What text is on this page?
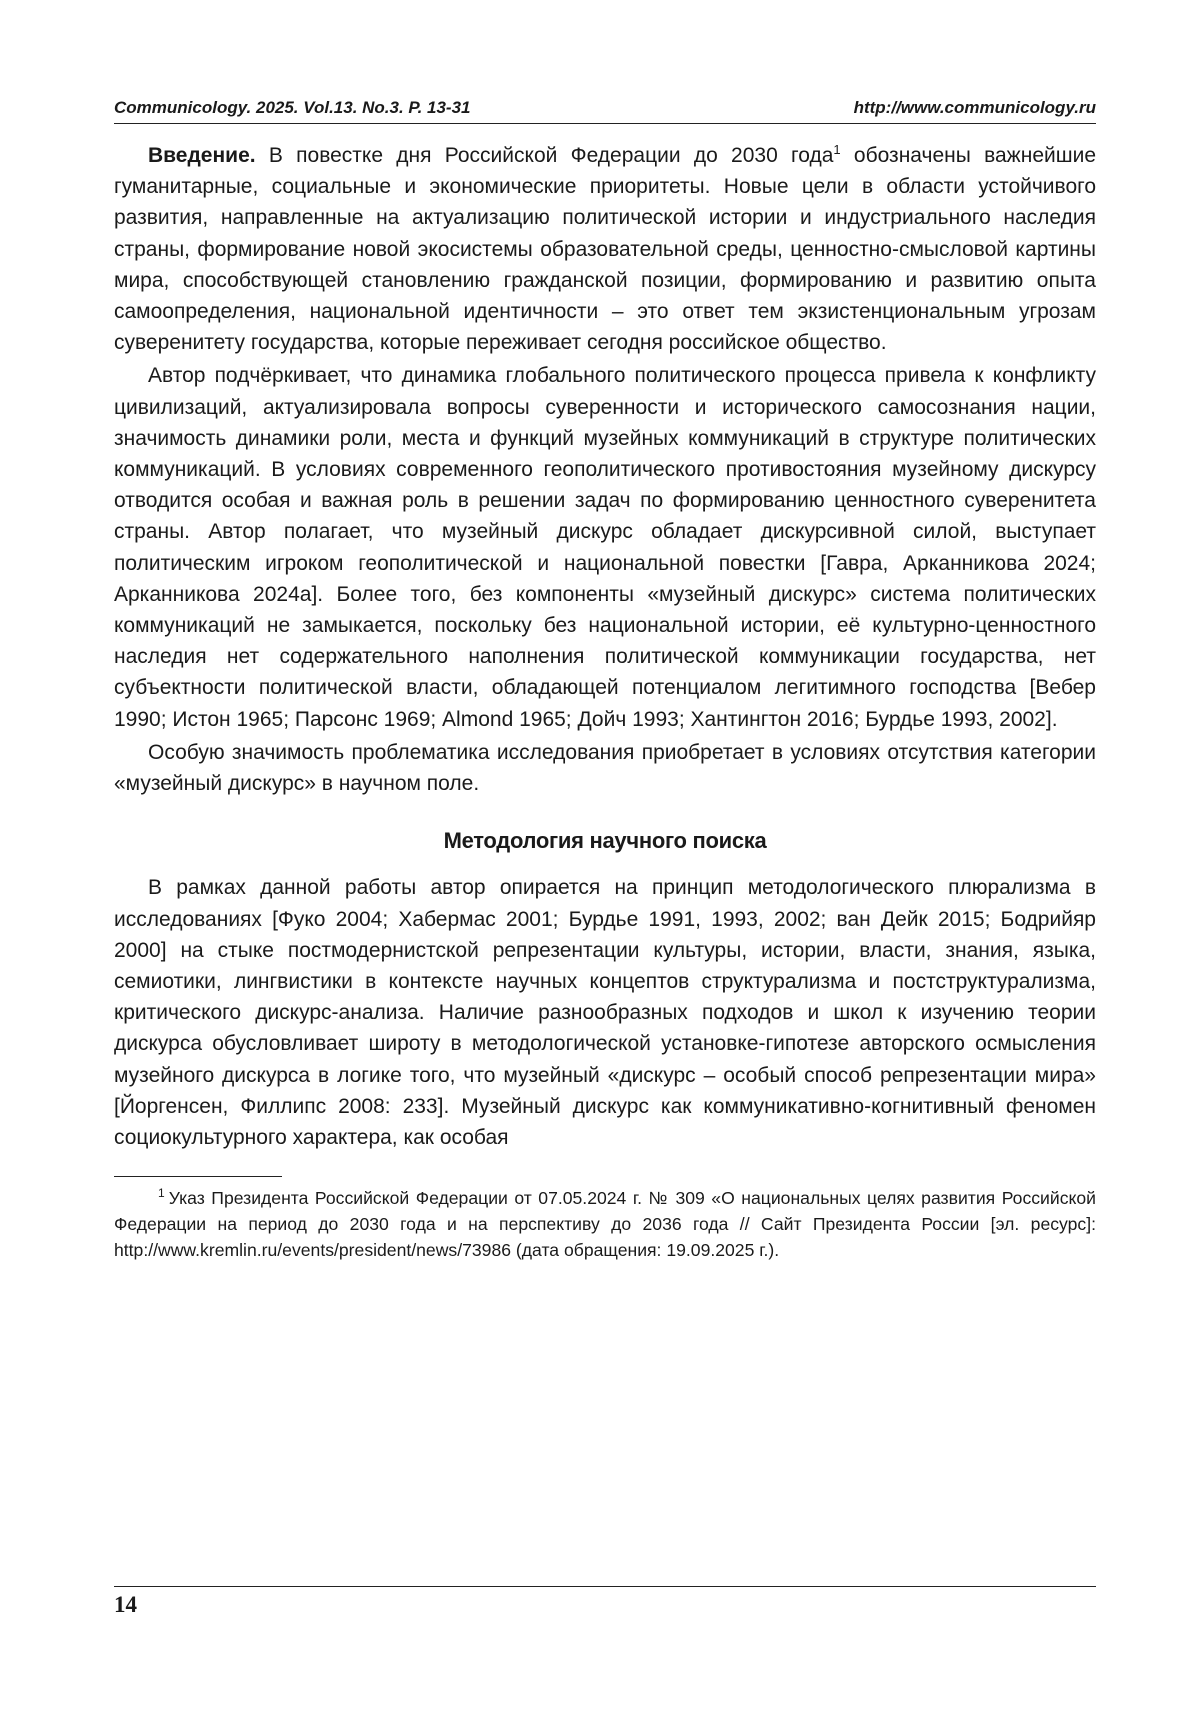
Communicology. 2025. Vol.13. No.3. P. 13-31	http://www.communicology.ru

Введение. В повестке дня Российской Федерации до 2030 года$^1$ обозначены важнейшие гуманитарные, социальные и экономические приоритеты. Новые цели в области устойчивого развития, направленные на актуализацию политической истории и индустриального наследия страны, формирование новой экосистемы образовательной среды, ценностно-смысловой картины мира, способствующей становлению гражданской позиции, формированию и развитию опыта самоопределения, национальной идентичности – это ответ тем экзистенциональным угрозам суверенитету государства, которые переживает сегодня российское общество.

Автор подчёркивает, что динамика глобального политического процесса привела к конфликту цивилизаций, актуализировала вопросы суверенности и исторического самосознания нации, значимость динамики роли, места и функций музейных коммуникаций в структуре политических коммуникаций. В условиях современного геополитического противостояния музейному дискурсу отводится особая и важная роль в решении задач по формированию ценностного суверенитета страны. Автор полагает, что музейный дискурс обладает дискурсивной силой, выступает политическим игроком геополитической и национальной повестки [Гавра, Арканникова 2024; Арканникова 2024а]. Более того, без компоненты «музейный дискурс» система политических коммуникаций не замыкается, поскольку без национальной истории, её культурно-ценностного наследия нет содержательного наполнения политической коммуникации государства, нет субъектности политической власти, обладающей потенциалом легитимного господства [Вебер 1990; Истон 1965; Парсонс 1969; Almond 1965; Дойч 1993; Хантингтон 2016; Бурдье 1993, 2002].

Особую значимость проблематика исследования приобретает в условиях отсутствия категории «музейный дискурс» в научном поле.

Методология научного поиска

В рамках данной работы автор опирается на принцип методологического плюрализма в исследованиях [Фуко 2004; Хабермас 2001; Бурдье 1991, 1993, 2002; ван Дейк 2015; Бодрийяр 2000] на стыке постмодернистской репрезентации культуры, истории, власти, знания, языка, семиотики, лингвистики в контексте научных концептов структурализма и постструктурализма, критического дискурс-анализа. Наличие разнообразных подходов и школ к изучению теории дискурса обусловливает широту в методологической установке-гипотезе авторского осмысления музейного дискурса в логике того, что музейный «дискурс – особый способ репрезентации мира» [Йоргенсен, Филлипс 2008: 233]. Музейный дискурс как коммуникативно-когнитивный феномен социокультурного характера, как особая

$^1$ Указ Президента Российской Федерации от 07.05.2024 г. № 309 «О национальных целях развития Российской Федерации на период до 2030 года и на перспективу до 2036 года // Сайт Президента России [эл. ресурс]: http://www.kremlin.ru/events/president/news/73986 (дата обращения: 19.09.2025 г.).
14
